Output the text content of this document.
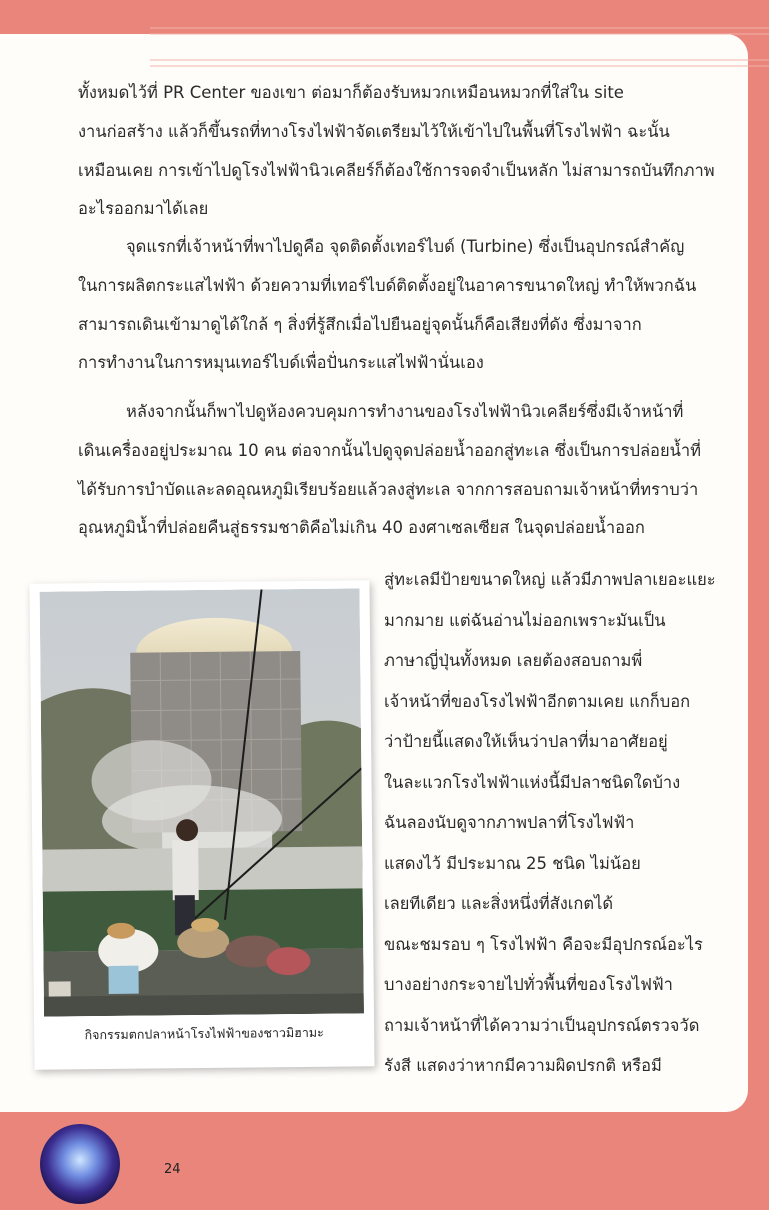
ทั้งหมดไว้ที่ PR Center ของเขา ต่อมาก็ต้องรับหมวกเหมือนหมวกที่ใส่ใน site
งานก่อสร้าง แล้วก็ขึ้นรถที่ทางโรงไฟฟ้าจัดเตรียมไว้ให้เข้าไปในพื้นที่โรงไฟฟ้า ฉะนั้น
เหมือนเคย การเข้าไปดูโรงไฟฟ้านิวเคลียร์ก็ต้องใช้การจดจำเป็นหลัก ไม่สามารถบันทึกภาพ
อะไรออกมาได้เลย

จุดแรกที่เจ้าหน้าที่พาไปดูคือ จุดติดตั้งเทอร์ไบด์ (Turbine) ซึ่งเป็นอุปกรณ์สำคัญ
ในการผลิตกระแสไฟฟ้า ด้วยความที่เทอร์ไบด์ติดตั้งอยู่ในอาคารขนาดใหญ่ ทำให้พวกฉัน
สามารถเดินเข้ามาดูได้ใกล้ ๆ สิ่งที่รู้สึกเมื่อไปยืนอยู่จุดนั้นก็คือเสียงที่ดัง ซึ่งมาจาก
การทำงานในการหมุนเทอร์ไบด์เพื่อปั่นกระแสไฟฟ้านั่นเอง

หลังจากนั้นก็พาไปดูห้องควบคุมการทำงานของโรงไฟฟ้านิวเคลียร์ซึ่งมีเจ้าหน้าที่
เดินเครื่องอยู่ประมาณ 10 คน ต่อจากนั้นไปดูจุดปล่อยน้ำออกสู่ทะเล ซึ่งเป็นการปล่อยน้ำที่
ได้รับการบำบัดและลดอุณหภูมิเรียบร้อยแล้วลงสู่ทะเล จากการสอบถามเจ้าหน้าที่ทราบว่า
อุณหภูมิน้ำที่ปล่อยคืนสู่ธรรมชาติคือไม่เกิน 40 องศาเซลเซียส ในจุดปล่อยน้ำออก

สู่ทะเลมีป้ายขนาดใหญ่ แล้วมีภาพปลาเยอะแยะ
มากมาย แต่ฉันอ่านไม่ออกเพราะมันเป็น
ภาษาญี่ปุ่นทั้งหมด เลยต้องสอบถามพี่
เจ้าหน้าที่ของโรงไฟฟ้าอีกตามเคย แกก็บอก
ว่าป้ายนี้แสดงให้เห็นว่าปลาที่มาอาศัยอยู่
ในละแวกโรงไฟฟ้าแห่งนี้มีปลาชนิดใดบ้าง
ฉันลองนับดูจากภาพปลาที่โรงไฟฟ้า
แสดงไว้ มีประมาณ 25 ชนิด ไม่น้อย
เลยทีเดียว และสิ่งหนึ่งที่สังเกตได้
ขณะชมรอบ ๆ โรงไฟฟ้า คือจะมีอุปกรณ์อะไร
บางอย่างกระจายไปทั่วพื้นที่ของโรงไฟฟ้า
ถามเจ้าหน้าที่ได้ความว่าเป็นอุปกรณ์ตรวจวัด
รังสี แสดงว่าหากมีความผิดปรกติ หรือมี

กิจกรรมตกปลาหน้าโรงไฟฟ้าของชาวมิฮามะ
24
